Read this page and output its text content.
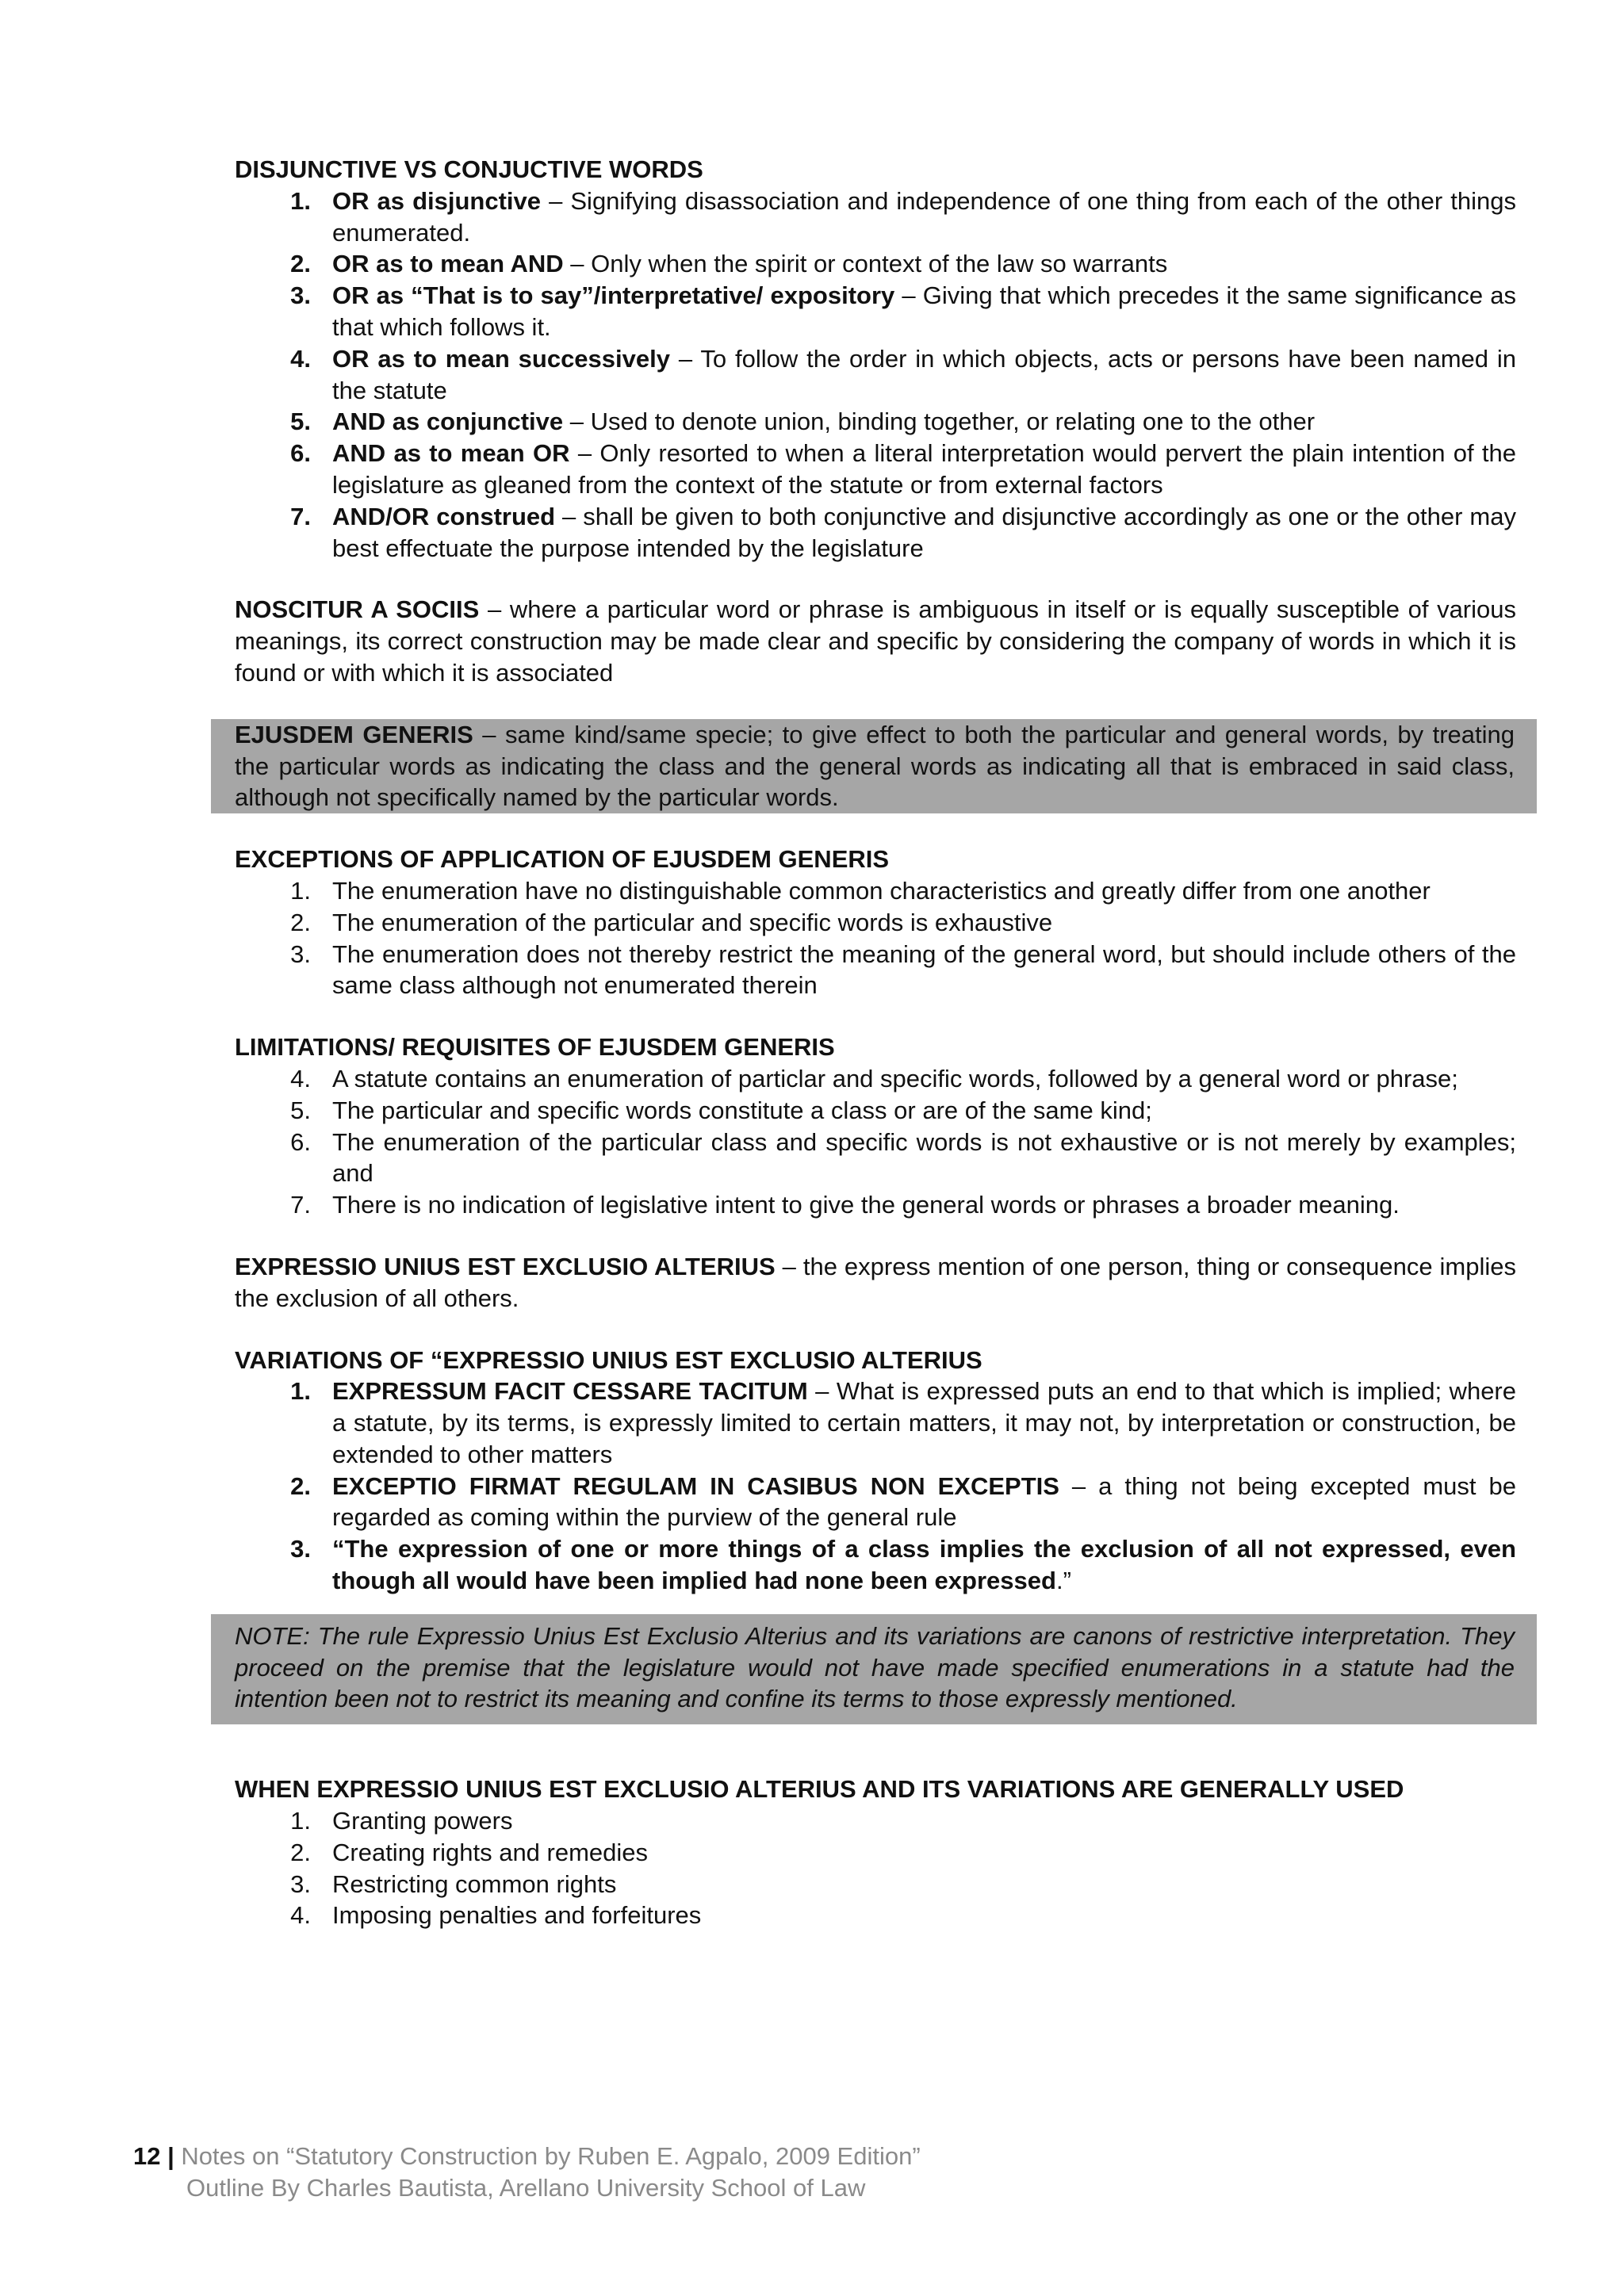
DISJUNCTIVE VS CONJUCTIVE WORDS
1. OR as disjunctive – Signifying disassociation and independence of one thing from each of the other things enumerated.
2. OR as to mean AND – Only when the spirit or context of the law so warrants
3. OR as “That is to say”/interpretative/ expository – Giving that which precedes it the same significance as that which follows it.
4. OR as to mean successively – To follow the order in which objects, acts or persons have been named in the statute
5. AND as conjunctive – Used to denote union, binding together, or relating one to the other
6. AND as to mean OR – Only resorted to when a literal interpretation would pervert the plain intention of the legislature as gleaned from the context of the statute or from external factors
7. AND/OR construed – shall be given to both conjunctive and disjunctive accordingly as one or the other may best effectuate the purpose intended by the legislature

NOSCITUR A SOCIIS – where a particular word or phrase is ambiguous in itself or is equally susceptible of various meanings, its correct construction may be made clear and specific by considering the company of words in which it is found or with which it is associated

EJUSDEM GENERIS – same kind/same specie; to give effect to both the particular and general words, by treating the particular words as indicating the class and the general words as indicating all that is embraced in said class, although not specifically named by the particular words.

EXCEPTIONS OF APPLICATION OF EJUSDEM GENERIS
1. The enumeration have no distinguishable common characteristics and greatly differ from one another
2. The enumeration of the particular and specific words is exhaustive
3. The enumeration does not thereby restrict the meaning of the general word, but should include others of the same class although not enumerated therein
LIMITATIONS/ REQUISITES OF EJUSDEM GENERIS
4. A statute contains an enumeration of particlar and specific words, followed by a general word or phrase;
5. The particular and specific words constitute a class or are of the same kind;
6. The enumeration of the particular class and specific words is not exhaustive or is not merely by examples; and
7. There is no indication of legislative intent to give the general words or phrases a broader meaning.

EXPRESSIO UNIUS EST EXCLUSIO ALTERIUS – the express mention of one person, thing or consequence implies the exclusion of all others.

VARIATIONS OF “EXPRESSIO UNIUS EST EXCLUSIO ALTERIUS
1. EXPRESSUM FACIT CESSARE TACITUM – What is expressed puts an end to that which is implied; where a statute, by its terms, is expressly limited to certain matters, it may not, by interpretation or construction, be extended to other matters
2. EXCEPTIO FIRMAT REGULAM IN CASIBUS NON EXCEPTIS – a thing not being excepted must be regarded as coming within the purview of the general rule
3. “The expression of one or more things of a class implies the exclusion of all not expressed, even though all would have been implied had none been expressed.”

NOTE: The rule Expressio Unius Est Exclusio Alterius and its variations are canons of restrictive interpretation. They proceed on the premise that the legislature would not have made specified enumerations in a statute had the intention been not to restrict its meaning and confine its terms to those expressly mentioned.

WHEN EXPRESSIO UNIUS EST EXCLUSIO ALTERIUS AND ITS VARIATIONS ARE GENERALLY USED
1. Granting powers
2. Creating rights and remedies
3. Restricting common rights
4. Imposing penalties and forfeitures
12 | Notes on “Statutory Construction by Ruben E. Agpalo, 2009 Edition”
Outline By Charles Bautista, Arellano University School of Law
